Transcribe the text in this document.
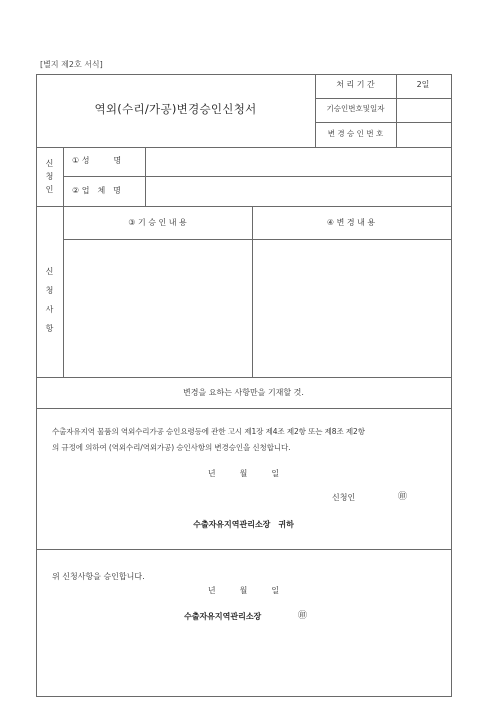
[별지 제2호 서식]
역외(수리/가공)변경승인신청서
처 리 기 간	2일
기승인번호및일자
변 경 승 인 번 호
신
청
인
① 성　　　명
② 업　체　명
신
청
사
항
③ 기 승 인 내 용	④ 변 경 내 용
변경을 요하는 사항만을 기재할 것.
수출자유지역 물품의 역외수리가공 승인요령등에 관한 고시 제1장 제4조 제2항 또는 제8조 제2항
의 규정에 의하여 (역외수리/역외가공) 승인사항의 변경승인을 신청합니다.
년　　　월　　　일
신청인	㊞
수출자유지역관리소장　귀하
위 신청사항을 승인합니다.
년　　　월　　　일
수출자유지역관리소장	㊞
